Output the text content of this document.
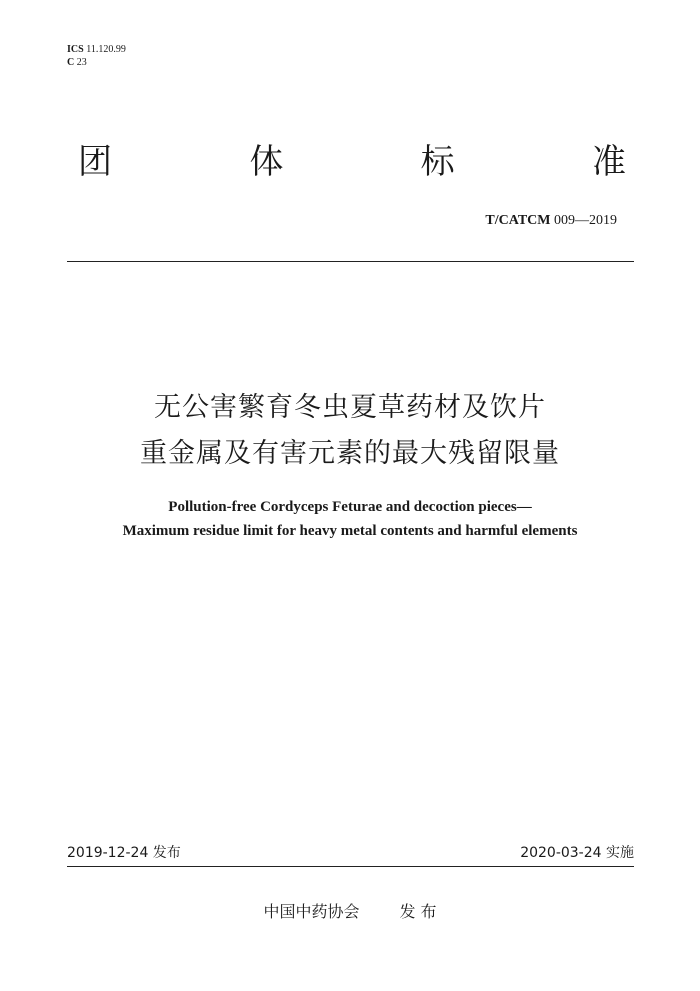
ICS 11.120.99
C 23
团	体	标	准
T/CATCM 009—2019
无公害繁育冬虫夏草药材及饮片
重金属及有害元素的最大残留限量
Pollution-free Cordyceps Feturae and decoction pieces—
Maximum residue limit for heavy metal contents and harmful elements
2019-12-24 发布	2020-03-24 实施
中国中药协会	发 布
